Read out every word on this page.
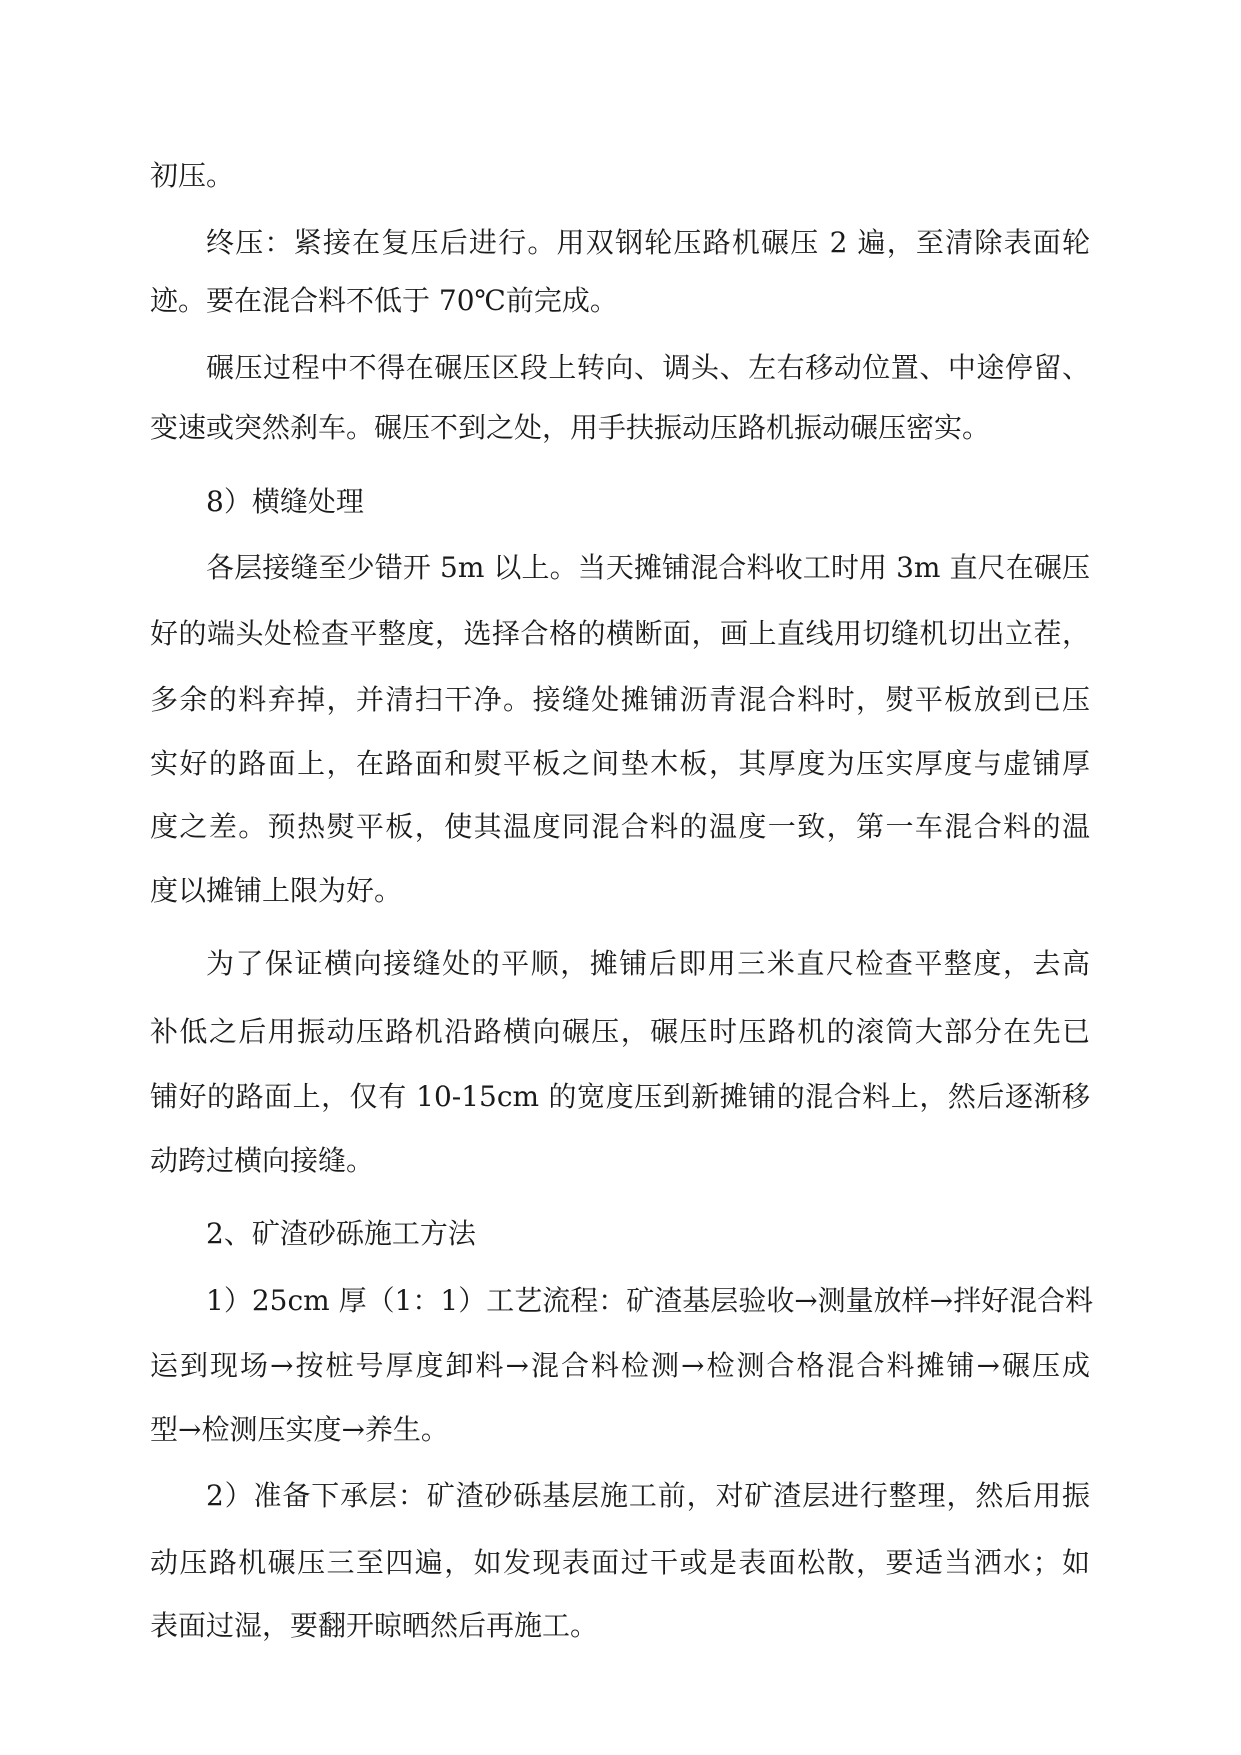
初压。
终压：紧接在复压后进行。用双钢轮压路机碾压 2 遍，至清除表面轮
迹。要在混合料不低于 70℃前完成。
碾压过程中不得在碾压区段上转向、调头、左右移动位置、中途停留、
变速或突然刹车。碾压不到之处，用手扶振动压路机振动碾压密实。
8）横缝处理
各层接缝至少错开 5m 以上。当天摊铺混合料收工时用 3m 直尺在碾压
好的端头处检查平整度，选择合格的横断面，画上直线用切缝机切出立茬，
多余的料弃掉，并清扫干净。接缝处摊铺沥青混合料时，熨平板放到已压
实好的路面上，在路面和熨平板之间垫木板，其厚度为压实厚度与虚铺厚
度之差。预热熨平板，使其温度同混合料的温度一致，第一车混合料的温
度以摊铺上限为好。
为了保证横向接缝处的平顺，摊铺后即用三米直尺检查平整度，去高
补低之后用振动压路机沿路横向碾压，碾压时压路机的滚筒大部分在先已
铺好的路面上，仅有 10-15cm 的宽度压到新摊铺的混合料上，然后逐渐移
动跨过横向接缝。
2、矿渣砂砾施工方法
1）25cm 厚（1：1）工艺流程：矿渣基层验收→测量放样→拌好混合料
运到现场→按桩号厚度卸料→混合料检测→检测合格混合料摊铺→碾压成
型→检测压实度→养生。
2）准备下承层：矿渣砂砾基层施工前，对矿渣层进行整理，然后用振
动压路机碾压三至四遍，如发现表面过干或是表面松散，要适当洒水；如
表面过湿，要翻开晾晒然后再施工。
